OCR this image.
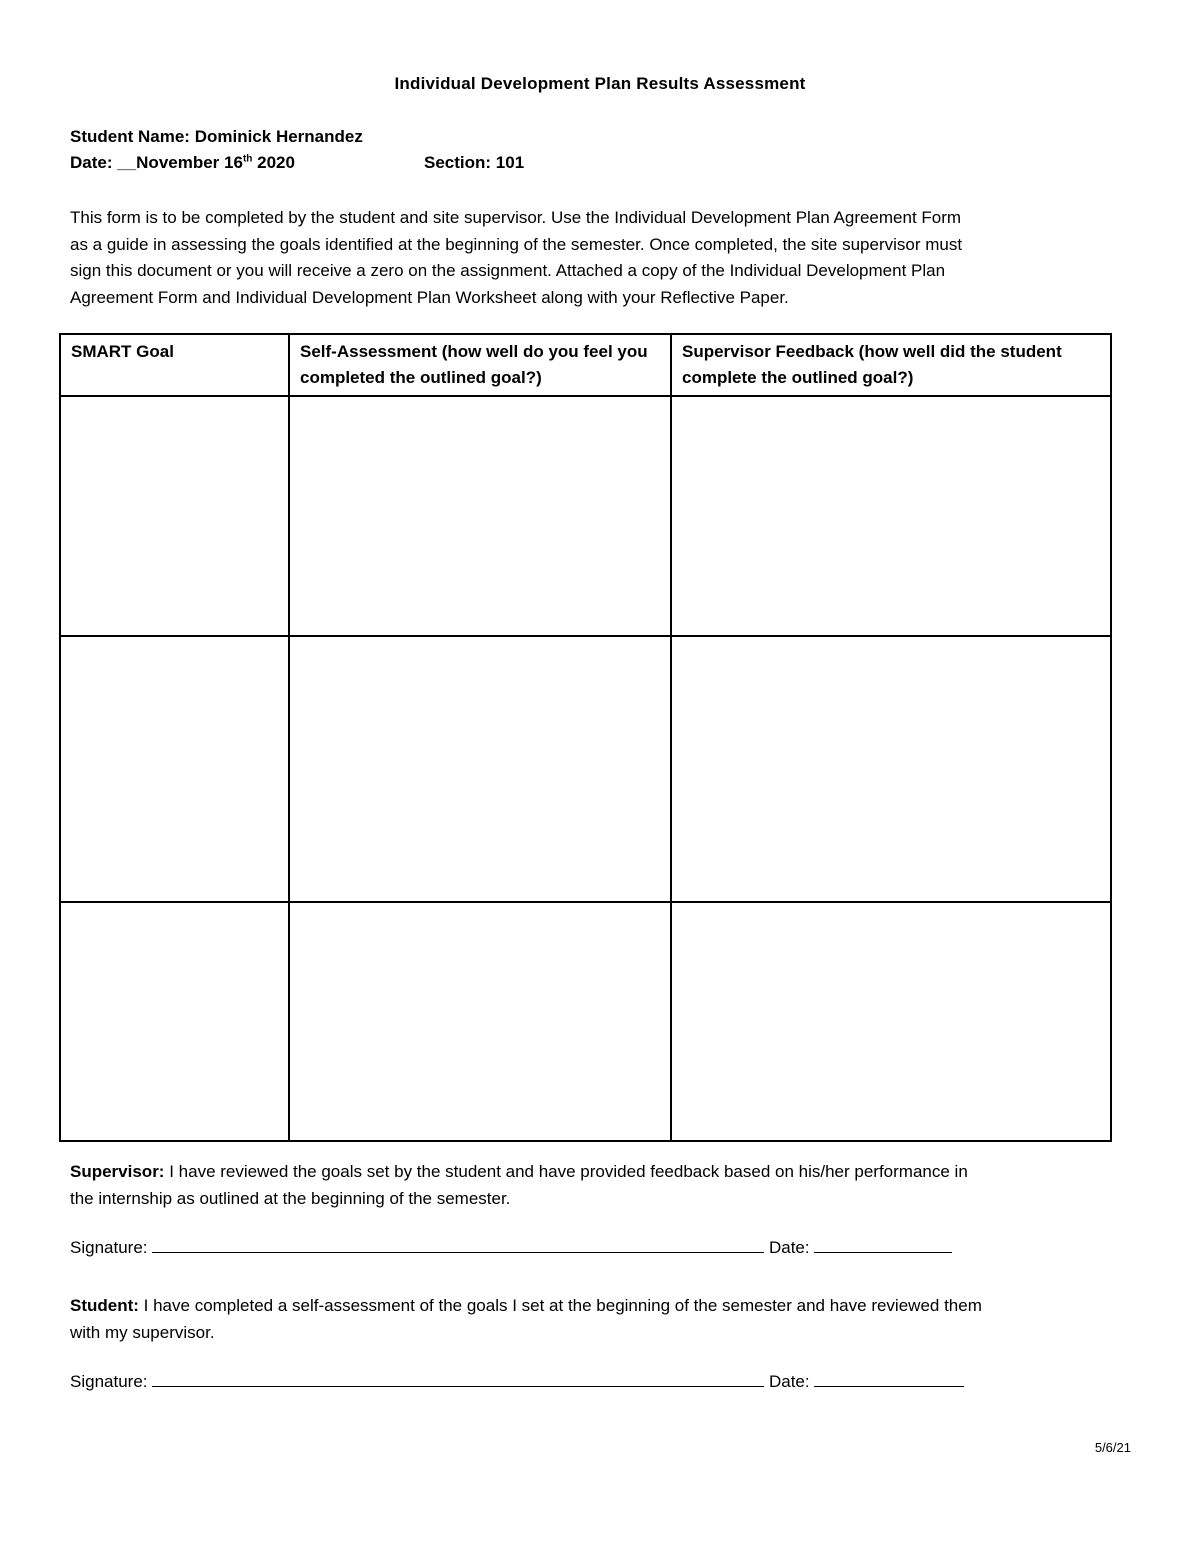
Individual Development Plan Results Assessment
Student Name: Dominick Hernandez
Date: __November 16th 2020	Section: 101

This form is to be completed by the student and site supervisor. Use the Individual Development Plan Agreement Form

as a guide in assessing the goals identified at the beginning of the semester. Once completed, the site supervisor must

sign this document or you will receive a zero on the assignment. Attached a copy of the Individual Development Plan

Agreement Form and Individual Development Plan Worksheet along with your Reflective Paper.

SMART Goal	Self-Assessment (how well do you feel you completed the outlined goal?)	Supervisor Feedback (how well did the student complete the outlined goal?)

Supervisor: I have reviewed the goals set by the student and have provided feedback based on his/her performance in

the internship as outlined at the beginning of the semester.

Signature:	Date:

Student: I have completed a self-assessment of the goals I set at the beginning of the semester and have reviewed them

with my supervisor.

Signature:	Date:
5/6/21
